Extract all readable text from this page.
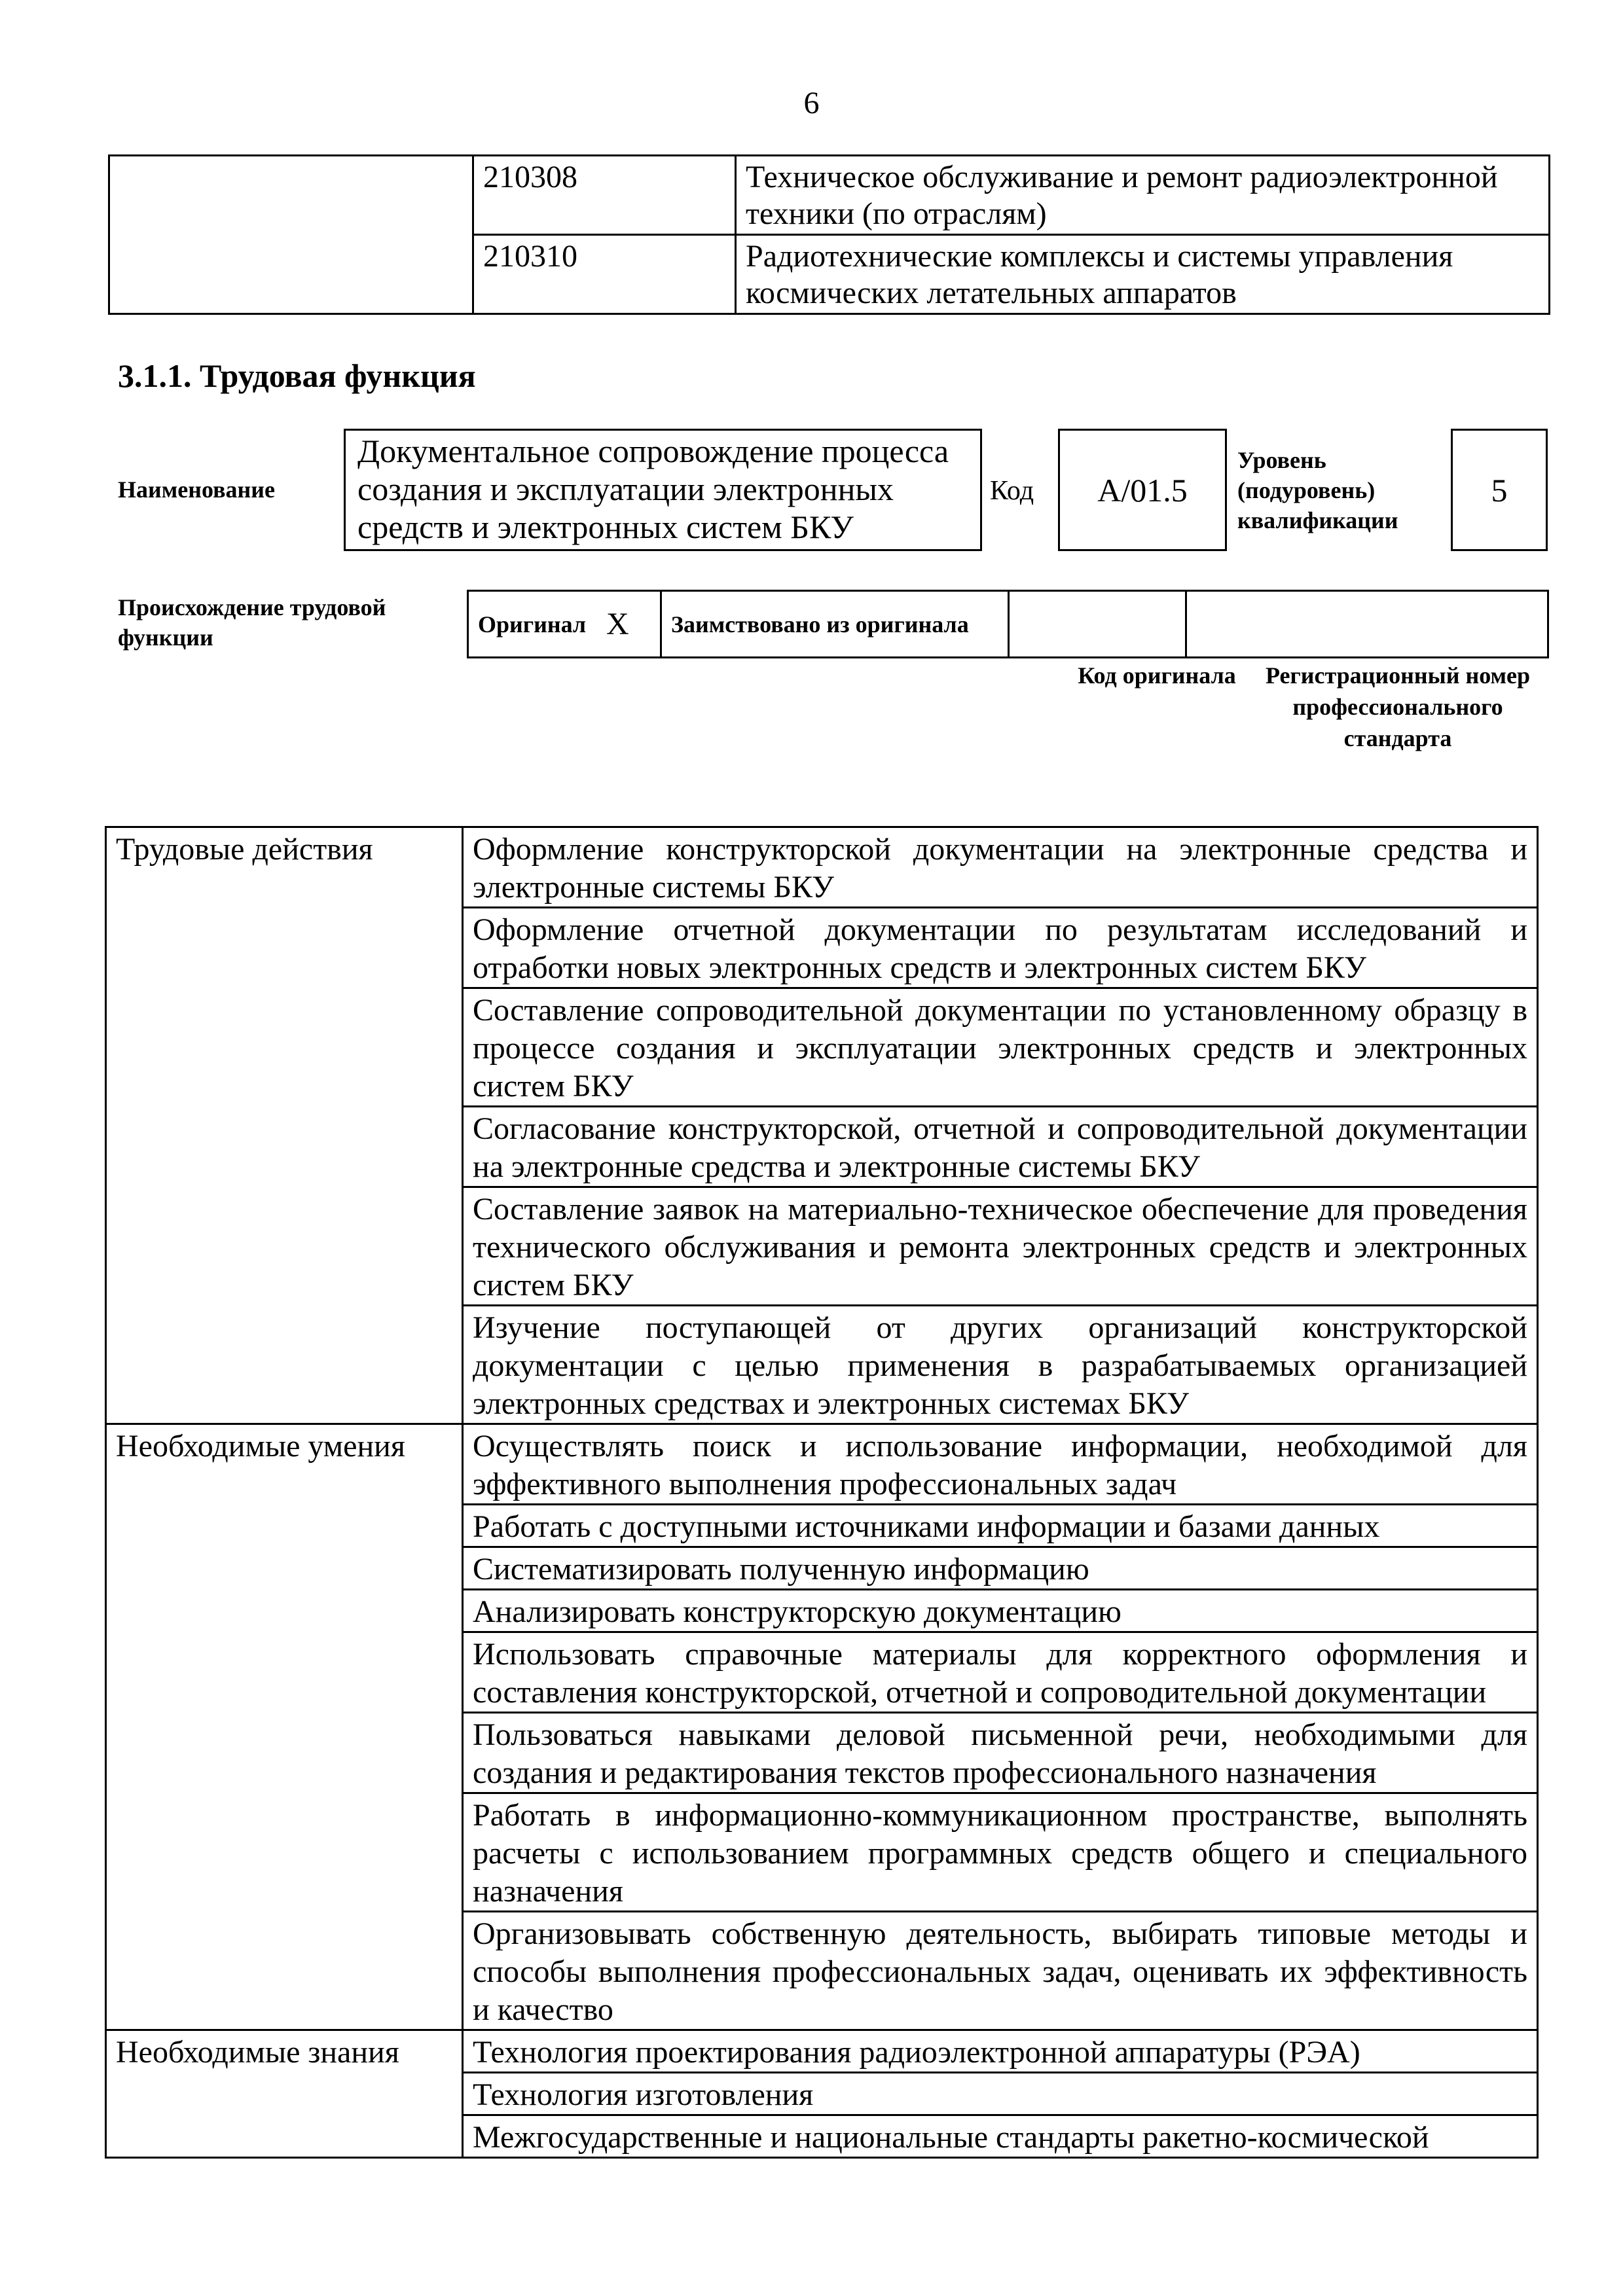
6
	210308	Техническое обслуживание и ремонт радиоэлектронной техники (по отраслям)
	210310	Радиотехнические комплексы и системы управления космических летательных аппаратов
3.1.1. Трудовая функция
Наименование
Документальное сопровождение процесса создания и эксплуатации электронных средств и электронных систем БКУ
Код	А/01.5
Уровень (подуровень) квалификации
5
Происхождение трудовой функции
Оригинал	Х	Заимствовано из оригинала		
Код оригинала	Регистрационный номер профессионального стандарта
Трудовые действия	Оформление конструкторской документации на электронные средства и электронные системы БКУ
	Оформление отчетной документации по результатам исследований и отработки новых электронных средств и электронных систем БКУ
	Составление сопроводительной документации по установленному образцу в процессе создания и эксплуатации электронных средств и электронных систем БКУ
	Согласование конструкторской, отчетной и сопроводительной документации на электронные средства и электронные системы БКУ
	Составление заявок на материально-техническое обеспечение для проведения технического обслуживания и ремонта электронных средств и электронных систем БКУ
	Изучение поступающей от других организаций конструкторской документации с целью применения в разрабатываемых организацией электронных средствах и электронных системах БКУ
Необходимые умения	Осуществлять поиск и использование информации, необходимой для эффективного выполнения профессиональных задач
	Работать с доступными источниками информации и базами данных
	Систематизировать полученную информацию
	Анализировать конструкторскую документацию
	Использовать справочные материалы для корректного оформления и составления конструкторской, отчетной и сопроводительной документации
	Пользоваться навыками деловой письменной речи, необходимыми для создания и редактирования текстов профессионального назначения
	Работать в информационно-коммуникационном пространстве, выполнять расчеты с использованием программных средств общего и специального назначения
	Организовывать собственную деятельность, выбирать типовые методы и способы выполнения профессиональных задач, оценивать их эффективность и качество
Необходимые знания	Технология проектирования радиоэлектронной аппаратуры (РЭА)
	Технология изготовления
	Межгосударственные и национальные стандарты ракетно-космической
